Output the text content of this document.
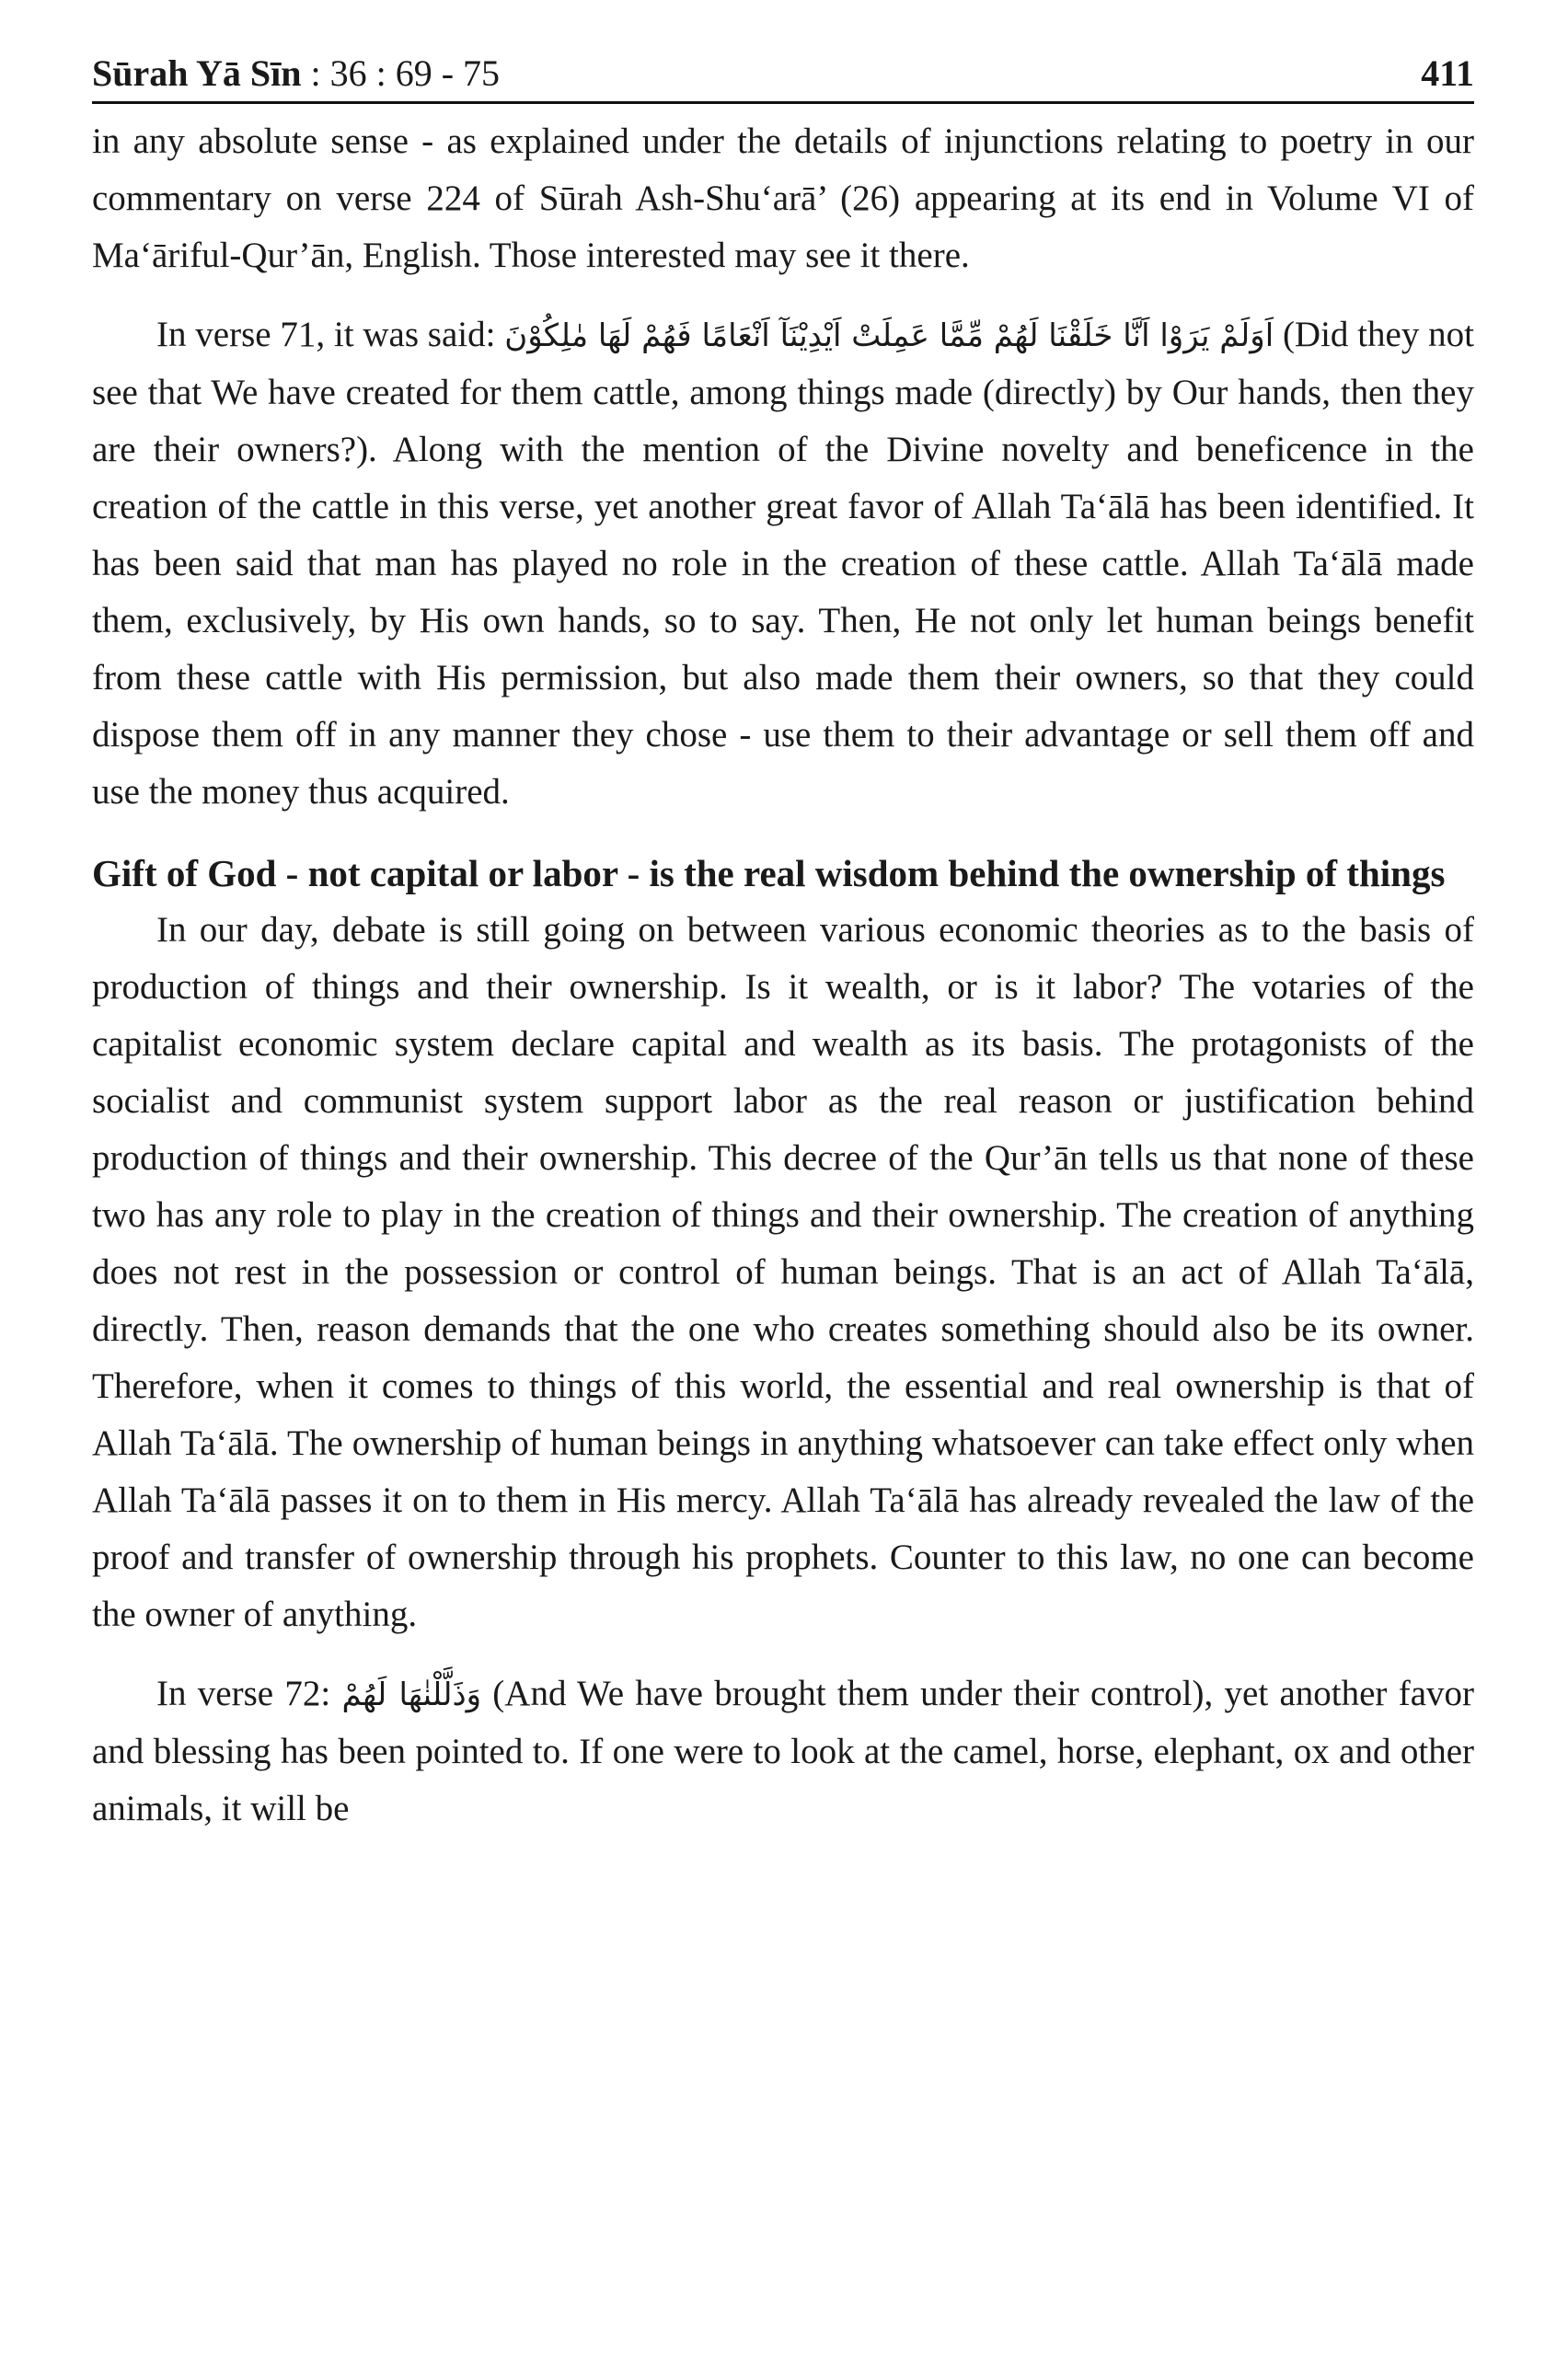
Sūrah Yā Sīn : 36 : 69 - 75	411

in any absolute sense - as explained under the details of injunctions relating to poetry in our commentary on verse 224 of Sūrah Ash-Shu‘arā’ (26) appearing at its end in Volume VI of Ma‘āriful-Qur’ān, English. Those interested may see it there.

In verse 71, it was said: اَوَلَمْ يَرَوْا اَنَّا خَلَقْنَا لَهُمْ مِّمَّا عَمِلَتْ اَيْدِيْنَآ اَنْعَامًا فَهُمْ لَهَا مٰلِكُوْنَ (Did they not see that We have created for them cattle, among things made (directly) by Our hands, then they are their owners?). Along with the mention of the Divine novelty and beneficence in the creation of the cattle in this verse, yet another great favor of Allah Ta‘ālā has been identified. It has been said that man has played no role in the creation of these cattle. Allah Ta‘ālā made them, exclusively, by His own hands, so to say. Then, He not only let human beings benefit from these cattle with His permission, but also made them their owners, so that they could dispose them off in any manner they chose - use them to their advantage or sell them off and use the money thus acquired.

Gift of God - not capital or labor - is the real wisdom behind the ownership of things

In our day, debate is still going on between various economic theories as to the basis of production of things and their ownership. Is it wealth, or is it labor? The votaries of the capitalist economic system declare capital and wealth as its basis. The protagonists of the socialist and communist system support labor as the real reason or justification behind production of things and their ownership. This decree of the Qur’ān tells us that none of these two has any role to play in the creation of things and their ownership. The creation of anything does not rest in the possession or control of human beings. That is an act of Allah Ta‘ālā, directly. Then, reason demands that the one who creates something should also be its owner. Therefore, when it comes to things of this world, the essential and real ownership is that of Allah Ta‘ālā. The ownership of human beings in anything whatsoever can take effect only when Allah Ta‘ālā passes it on to them in His mercy. Allah Ta‘ālā has already revealed the law of the proof and transfer of ownership through his prophets. Counter to this law, no one can become the owner of anything.

In verse 72: وَذَلَّلْنٰهَا لَهُمْ (And We have brought them under their control), yet another favor and blessing has been pointed to. If one were to look at the camel, horse, elephant, ox and other animals, it will be
